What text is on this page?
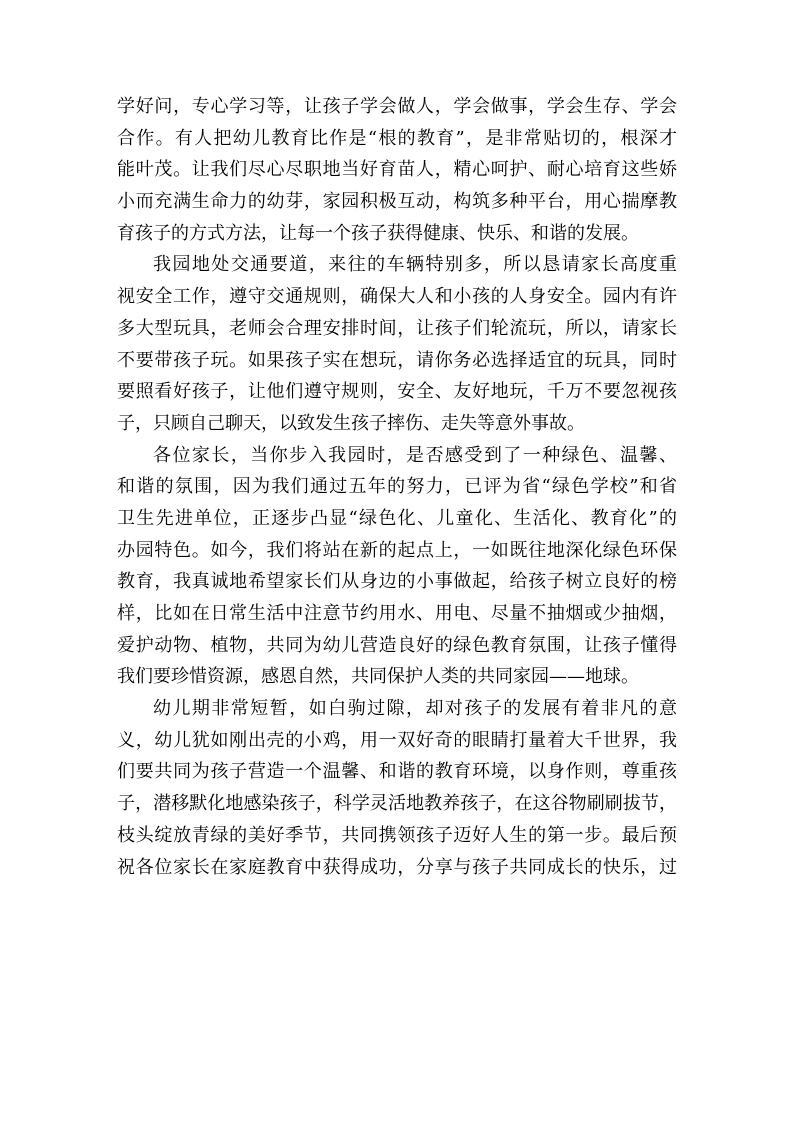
学好问，专心学习等，让孩子学会做人，学会做事，学会生存、学会
合作。有人把幼儿教育比作是“根的教育”，是非常贴切的，根深才
能叶茂。让我们尽心尽职地当好育苗人，精心呵护、耐心培育这些娇
小而充满生命力的幼芽，家园积极互动，构筑多种平台，用心揣摩教
育孩子的方式方法，让每一个孩子获得健康、快乐、和谐的发展。
我园地处交通要道，来往的车辆特别多，所以恳请家长高度重
视安全工作，遵守交通规则，确保大人和小孩的人身安全。园内有许
多大型玩具，老师会合理安排时间，让孩子们轮流玩，所以，请家长
不要带孩子玩。如果孩子实在想玩，请你务必选择适宜的玩具，同时
要照看好孩子，让他们遵守规则，安全、友好地玩，千万不要忽视孩
子，只顾自己聊天，以致发生孩子摔伤、走失等意外事故。
各位家长，当你步入我园时，是否感受到了一种绿色、温馨、
和谐的氛围，因为我们通过五年的努力，已评为省“绿色学校”和省
卫生先进单位，正逐步凸显“绿色化、儿童化、生活化、教育化”的
办园特色。如今，我们将站在新的起点上，一如既往地深化绿色环保
教育，我真诚地希望家长们从身边的小事做起，给孩子树立良好的榜
样，比如在日常生活中注意节约用水、用电、尽量不抽烟或少抽烟，
爱护动物、植物，共同为幼儿营造良好的绿色教育氛围，让孩子懂得
我们要珍惜资源，感恩自然，共同保护人类的共同家园——地球。
幼儿期非常短暂，如白驹过隙，却对孩子的发展有着非凡的意
义，幼儿犹如刚出壳的小鸡，用一双好奇的眼睛打量着大千世界，我
们要共同为孩子营造一个温馨、和谐的教育环境，以身作则，尊重孩
子，潜移默化地感染孩子，科学灵活地教养孩子，在这谷物刷刷拔节，
枝头绽放青绿的美好季节，共同携领孩子迈好人生的第一步。最后预
祝各位家长在家庭教育中获得成功，分享与孩子共同成长的快乐，过
